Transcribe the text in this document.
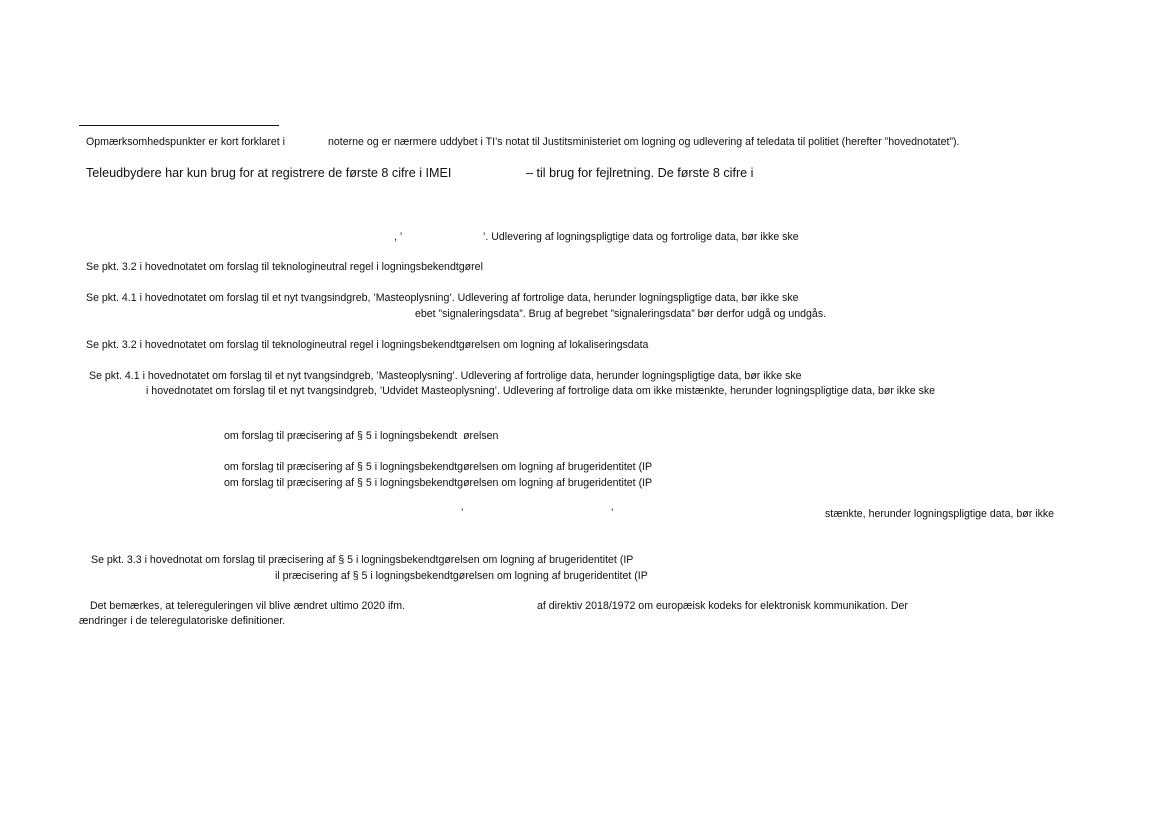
Opmærksomhedspunkter er kort forklaret i	noterne og er nærmere uddybet i TI’s notat til Justitsministeriet om logning og udlevering af teledata til politiet (herefter ”hovednotatet”).
Teleudbydere har kun brug for at registrere de første 8 cifre i IMEI	– til brug for fejlretning. De første 8 cifre i
, ’	’. Udlevering af logningspligtige data og fortrolige data, bør ikke ske
Se pkt. 3.2 i hovednotatet om forslag til teknologineutral regel i logningsbekendtgørel
Se pkt. 4.1 i hovednotatet om forslag til et nyt tvangsindgreb, ’Masteoplysning’. Udlevering af fortrolige data, herunder logningspligtige data, bør ikke ske
ebet ”signaleringsdata”. Brug af begrebet ”signaleringsdata” bør derfor udgå og undgås.
Se pkt. 3.2 i hovednotatet om forslag til teknologineutral regel i logningsbekendtgørelsen om logning af lokaliseringsdata
Se pkt. 4.1 i hovednotatet om forslag til et nyt tvangsindgreb, ’Masteoplysning’. Udlevering af fortrolige data, herunder logningspligtige data, bør ikke ske
i hovednotatet om forslag til et nyt tvangsindgreb, ’Udvidet Masteoplysning’. Udlevering af fortrolige data om ikke mistænkte, herunder logningspligtige data, bør ikke ske
om forslag til præcisering af § 5 i logningsbekendt  ørelsen
om forslag til præcisering af § 5 i logningsbekendtgørelsen om logning af brugeridentitet (IP
om forslag til præcisering af § 5 i logningsbekendtgørelsen om logning af brugeridentitet (IP
’	’	stænkte, herunder logningspligtige data, bør ikke
Se pkt. 3.3 i hovednotat om forslag til præcisering af § 5 i logningsbekendtgørelsen om logning af brugeridentitet (IP
il præcisering af § 5 i logningsbekendtgørelsen om logning af brugeridentitet (IP
Det bemærkes, at telereguleringen vil blive ændret ultimo 2020 ifm.	af direktiv 2018/1972 om europæisk kodeks for elektronisk kommunikation. Der
ændringer i de teleregulatoriske definitioner.
